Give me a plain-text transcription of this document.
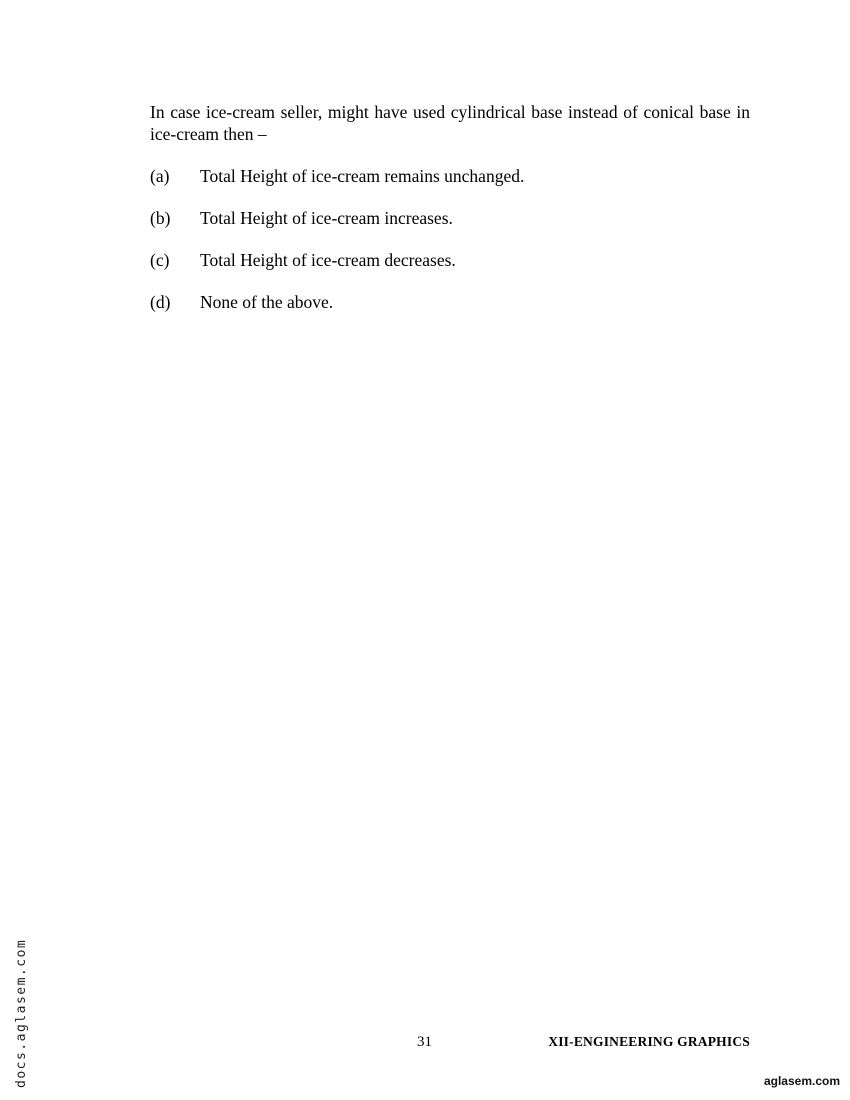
In case ice-cream seller, might have used cylindrical base instead of conical base in ice-cream then –
(a) Total Height of ice-cream remains unchanged.
(b) Total Height of ice-cream increases.
(c) Total Height of ice-cream decreases.
(d) None of the above.
31	XII-ENGINEERING GRAPHICS
docs.aglasem.com	aglasem.com
